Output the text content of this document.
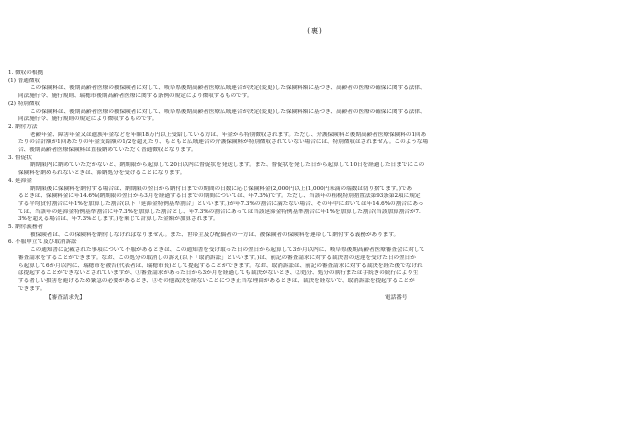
(裏)
1. 徴収の根拠
(1) 普通徴収
この保険料は、後期高齢者医療の被保険者に対して、岐阜県後期高齢者医療広域連合が決定(変更)した保険料額に基づき、高齢者の医療の確保に関する法律、
同法施行令、施行規則、瑞穂市後期高齢者医療に関する条例の規定により徴収するものです。
(2) 特別徴収
この保険料は、後期高齢者医療の被保険者に対して、岐阜県後期高齢者医療広域連合が決定(変更)した保険料額に基づき、高齢者の医療の確保に関する法律、
同法施行令、施行規則の規定により徴収するものです。
2. 納付方法
老齢年金、障害年金又は遺族年金などを年額18万円以上受給している方は、年金から特別徴収されます。ただし、介護保険料と後期高齢者医療保険料の1回あ
たりの合計額が1回あたりの年金支給額の1/2を超えたり、もともと広域連合の介護保険料が特別徴収されていない場合には、特別徴収はされません。このような場
合、後期高齢者医療保険料は直接納めていただく普通徴収となります。
3. 督促状
納期限内に納めていただかないと、納期限から起算して20日以内に督促状を発送します。また、督促状を発した日から起算して10日を経過した日までにこの
保険料を納められないときは、滞納処分を受けることになります。
4. 延滞金
納期限後に保険料を納付する場合は、納期限の翌日から納付日までの期間の日数に応じ保険料金(2,000円以上(1,000円未満の端数は切り捨てます。)であ
るときは、保険料金に年14.6%(納期限の翌日から3月を経過する日までの期間については、年7.3%)です。ただし、当該年の租税特別措置法第93条第2項に規定
する平均貸付割合に年1%を加算した割合(以下「延滞金特例基準割合」といいます。)が年7.3%の割合に満たない場合、その年中においては年14.6%の割合にあっ
ては、当該年の延滞金特例基準割合に年7.3%を加算した割合とし、年7.3%の割合にあっては当該延滞金特例基準割合に年1%を加算した割合(当該加算割合が7.
3%を超える場合は、年7.3%とします。)を乗じて計算した金額が加算されます。
5. 納付義務者
被保険者は、この保険料を納付しなければなりません。また、世帯主及び配偶者の一方は、被保険者の保険料を連帯して納付する義務があります。
6. 不服申立て及び取消訴訟
この通知書に記載された事項について不服があるときは、この通知書を受け取った日の翌日から起算して3か月以内に、岐阜県後期高齢者医療審査会に対して
審査請求をすることができます。なお、この処分の取消しの訴え(以下「取消訴訟」といいます。)は、前記の審査請求に対する裁決書の送達を受けた日の翌日か
ら起算して6か月以内に、瑞穂市を被告(代表者は、瑞穂市長)として提起することができます。なお、取消訴訟は、前記の審査請求に対する裁決を経た後でなけれ
ば提起することができないとされていますが、①審査請求があった日から3か月を経過しても裁決がないとき、②処分、処分の執行または手続きの続行により生
ずる著しい損害を避けるため緊急の必要があるとき、③その他裁決を経ないことにつき正当な理由があるときは、裁決を経ないで、取消訴訟を提起することが
できます。
【審査請求先】	電話番号
